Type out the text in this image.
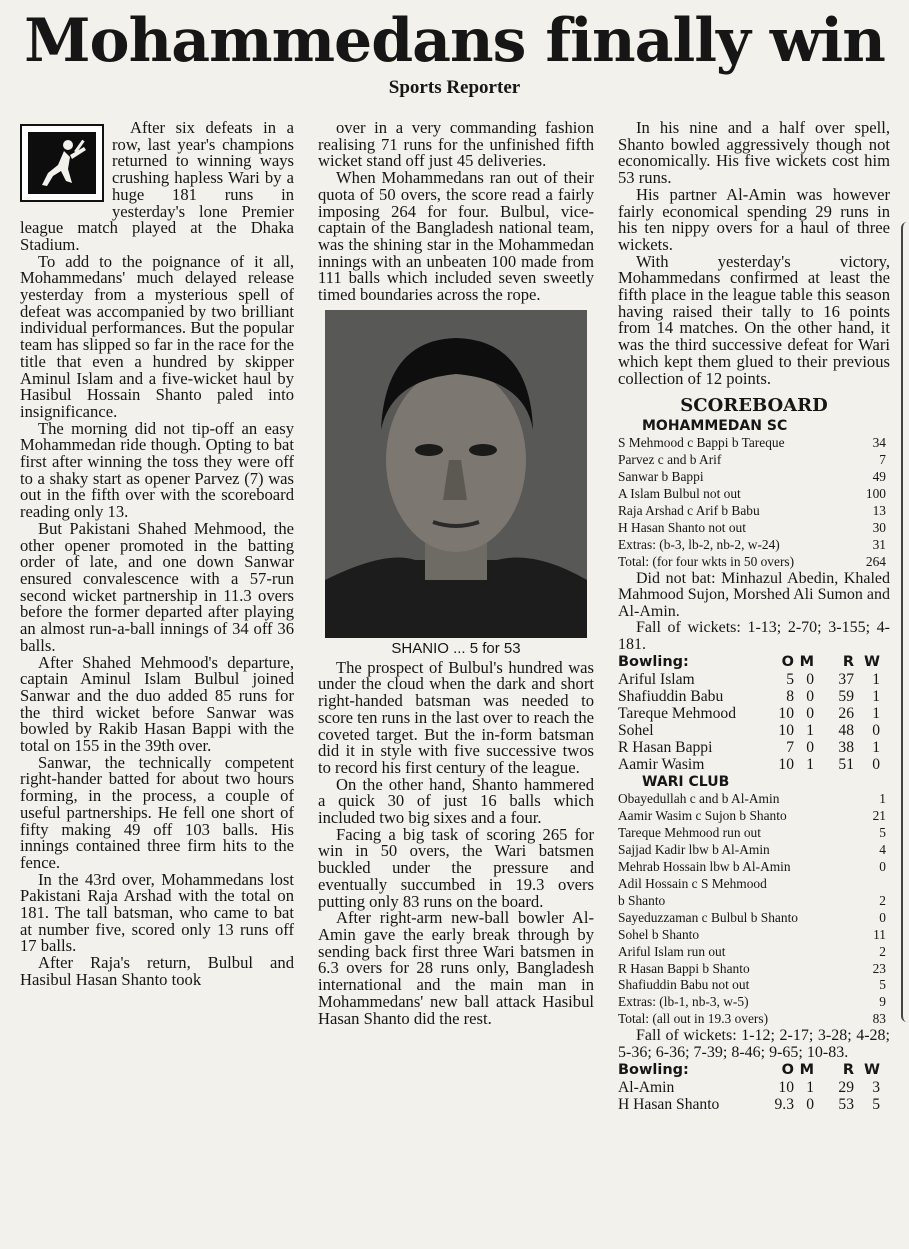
Mohammedans finally win
Sports Reporter

After six defeats in a row, last year's champions returned to winning ways crushing hapless Wari by a huge 181 runs in yesterday's lone Premier league match played at the Dhaka Stadium.

To add to the poignance of it all, Mohammedans' much delayed release yesterday from a mysterious spell of defeat was accompanied by two brilliant individual performances. But the popular team has slipped so far in the race for the title that even a hundred by skipper Aminul Islam and a five-wicket haul by Hasibul Hossain Shanto paled into insignificance.

The morning did not tip-off an easy Mohammedan ride though. Opting to bat first after winning the toss they were off to a shaky start as opener Parvez (7) was out in the fifth over with the scoreboard reading only 13.

But Pakistani Shahed Mehmood, the other opener promoted in the batting order of late, and one down Sanwar ensured convalescence with a 57-run second wicket partnership in 11.3 overs before the former departed after playing an almost run-a-ball innings of 34 off 36 balls.

After Shahed Mehmood's departure, captain Aminul Islam Bulbul joined Sanwar and the duo added 85 runs for the third wicket before Sanwar was bowled by Rakib Hasan Bappi with the total on 155 in the 39th over.

Sanwar, the technically competent right-hander batted for about two hours forming, in the process, a couple of useful partnerships. He fell one short of fifty making 49 off 103 balls. His innings contained three firm hits to the fence.

In the 43rd over, Mohammedans lost Pakistani Raja Arshad with the total on 181. The tall batsman, who came to bat at number five, scored only 13 runs off 17 balls.

After Raja's return, Bulbul and Hasibul Hasan Shanto took

over in a very commanding fashion realising 71 runs for the unfinished fifth wicket stand off just 45 deliveries.

When Mohammedans ran out of their quota of 50 overs, the score read a fairly imposing 264 for four. Bulbul, vice-captain of the Bangladesh national team, was the shining star in the Mohammedan innings with an unbeaten 100 made from 111 balls which included seven sweetly timed boundaries across the rope.

SHANIO ... 5 for 53

The prospect of Bulbul's hundred was under the cloud when the dark and short right-handed batsman was needed to score ten runs in the last over to reach the coveted target. But the in-form batsman did it in style with five successive twos to record his first century of the league.

On the other hand, Shanto hammered a quick 30 of just 16 balls which included two big sixes and a four.

Facing a big task of scoring 265 for win in 50 overs, the Wari batsmen buckled under the pressure and eventually succumbed in 19.3 overs putting only 83 runs on the board.

After right-arm new-ball bowler Al-Amin gave the early break through by sending back first three Wari batsmen in 6.3 overs for 28 runs only, Bangladesh international and the main man in Mohammedans' new ball attack Hasibul Hasan Shanto did the rest.

In his nine and a half over spell, Shanto bowled aggressively though not economically. His five wickets cost him 53 runs.

His partner Al-Amin was however fairly economical spending 29 runs in his ten nippy overs for a haul of three wickets.

With yesterday's victory, Mohammedans confirmed at least the fifth place in the league table this season having raised their tally to 16 points from 14 matches. On the other hand, it was the third successive defeat for Wari which kept them glued to their previous collection of 12 points.

SCOREBOARD
MOHAMMEDAN SC
S Mehmood c Bappi b Tareque	34
Parvez c and b Arif	7
Sanwar b Bappi	49
A Islam Bulbul not out	100
Raja Arshad c Arif b Babu	13
H Hasan Shanto not out	30
Extras: (b-3, lb-2, nb-2, w-24)	31
Total: (for four wkts in 50 overs)	264
Did not bat: Minhazul Abedin, Khaled Mahmood Sujon, Morshed Ali Sumon and Al-Amin.
Fall of wickets: 1-13; 2-70; 3-155; 4-181.
Bowling:	O M	R W
Ariful Islam	5 0	37	1
Shafiuddin Babu	8 0	59	1
Tareque Mehmood	10 0	26	1
Sohel	10 1	48	0
R Hasan Bappi	7 0	38	1
Aamir Wasim	10 1	51	0
WARI CLUB
Obayedullah c and b Al-Amin	1
Aamir Wasim c Sujon b Shanto	21
Tareque Mehmood run out	5
Sajjad Kadir lbw b Al-Amin	4
Mehrab Hossain lbw b Al-Amin	0
Adil Hossain c S Mehmood
b Shanto	2
Sayeduzzaman c Bulbul b Shanto	0
Sohel b Shanto	11
Ariful Islam run out	2
R Hasan Bappi b Shanto	23
Shafiuddin Babu not out	5
Extras: (lb-1, nb-3, w-5)	9
Total: (all out in 19.3 overs)	83
Fall of wickets: 1-12; 2-17; 3-28; 4-28; 5-36; 6-36; 7-39; 8-46; 9-65; 10-83.
Bowling:	O M	R W
Al-Amin	10 1	29	3
H Hasan Shanto	9.3 0	53	5
